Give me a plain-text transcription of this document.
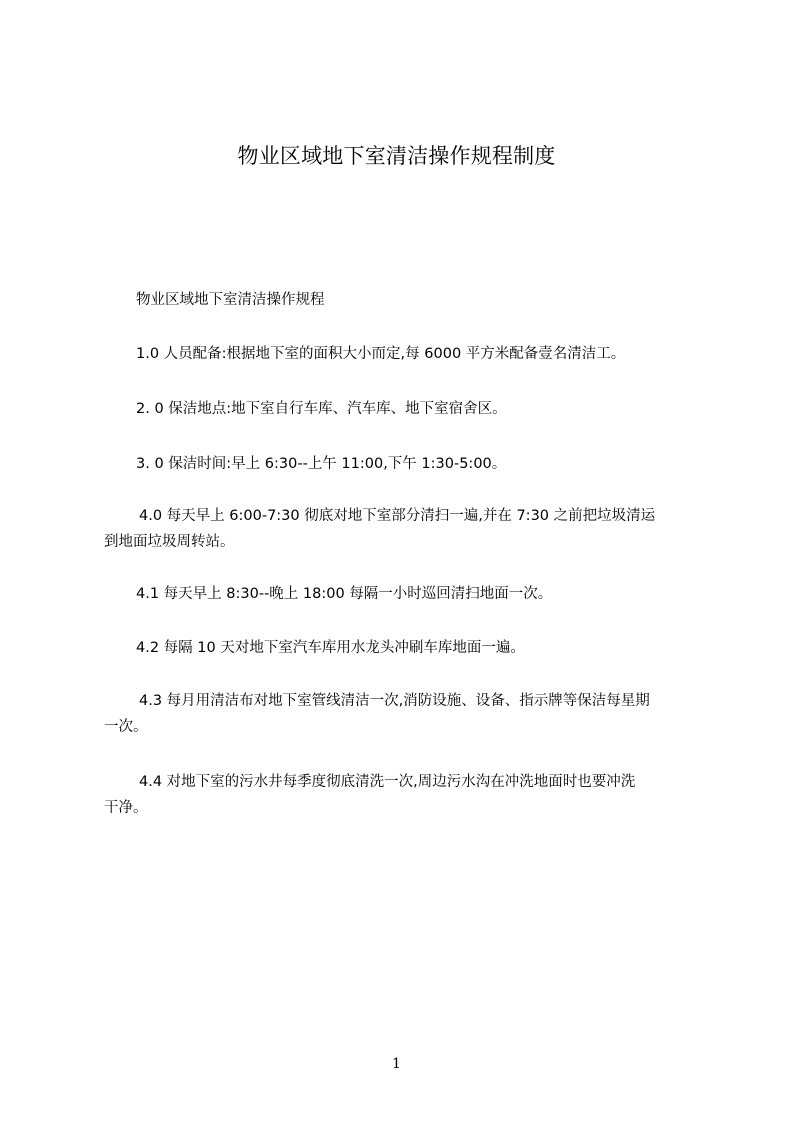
物业区域地下室清洁操作规程制度
物业区域地下室清洁操作规程
1.0 人员配备:根据地下室的面积大小而定,每 6000 平方米配备壹名清洁工。
2. 0 保洁地点:地下室自行车库、汽车库、地下室宿舍区。
3. 0 保洁时间:早上 6:30--上午 11:00,下午 1:30-5:00。
4.0 每天早上 6:00-7:30 彻底对地下室部分清扫一遍,并在 7:30 之前把垃圾清运
到地面垃圾周转站。
4.1 每天早上 8:30--晚上 18:00 每隔一小时巡回清扫地面一次。
4.2 每隔 10 天对地下室汽车库用水龙头冲刷车库地面一遍。
4.3 每月用清洁布对地下室管线清洁一次,消防设施、设备、指示牌等保洁每星期
一次。
4.4 对地下室的污水井每季度彻底清洗一次,周边污水沟在冲洗地面时也要冲洗
干净。
1
